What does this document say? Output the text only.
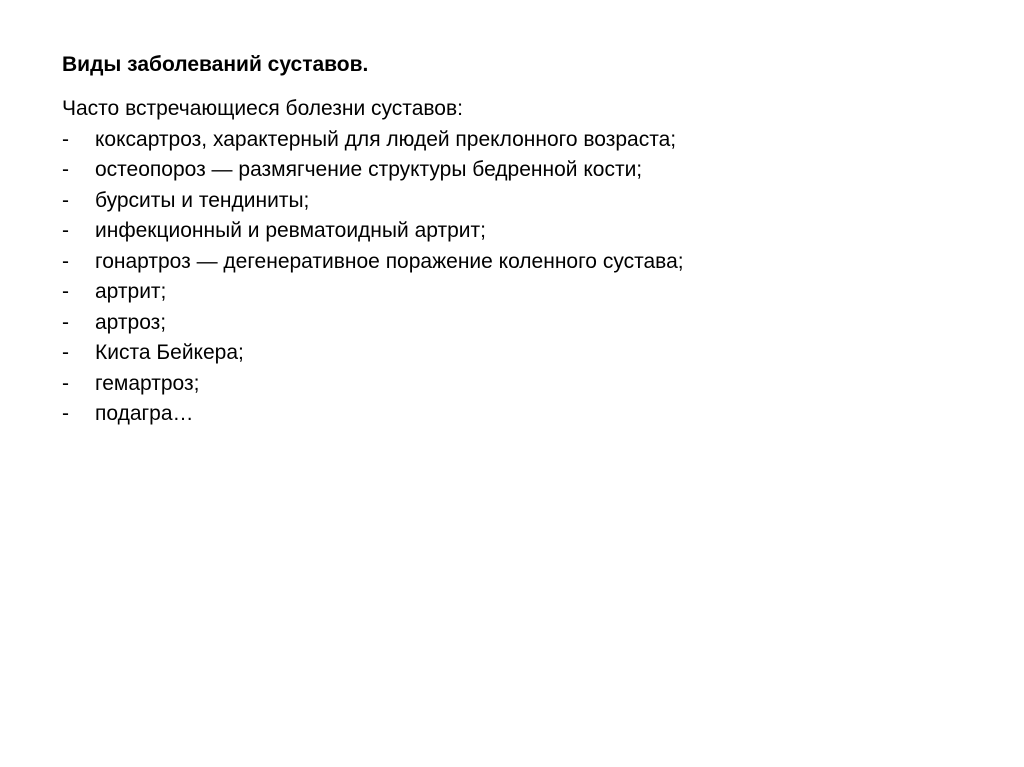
Виды заболеваний суставов.
Часто встречающиеся болезни суставов:
-	коксартроз, характерный для людей преклонного возраста;
-	остеопороз — размягчение структуры бедренной кости;
-	бурситы и тендиниты;
-	инфекционный и ревматоидный артрит;
-	гонартроз — дегенеративное поражение коленного сустава;
-	артрит;
-	артроз;
-	Киста Бейкера;
-	гемартроз;
-	подагра…
